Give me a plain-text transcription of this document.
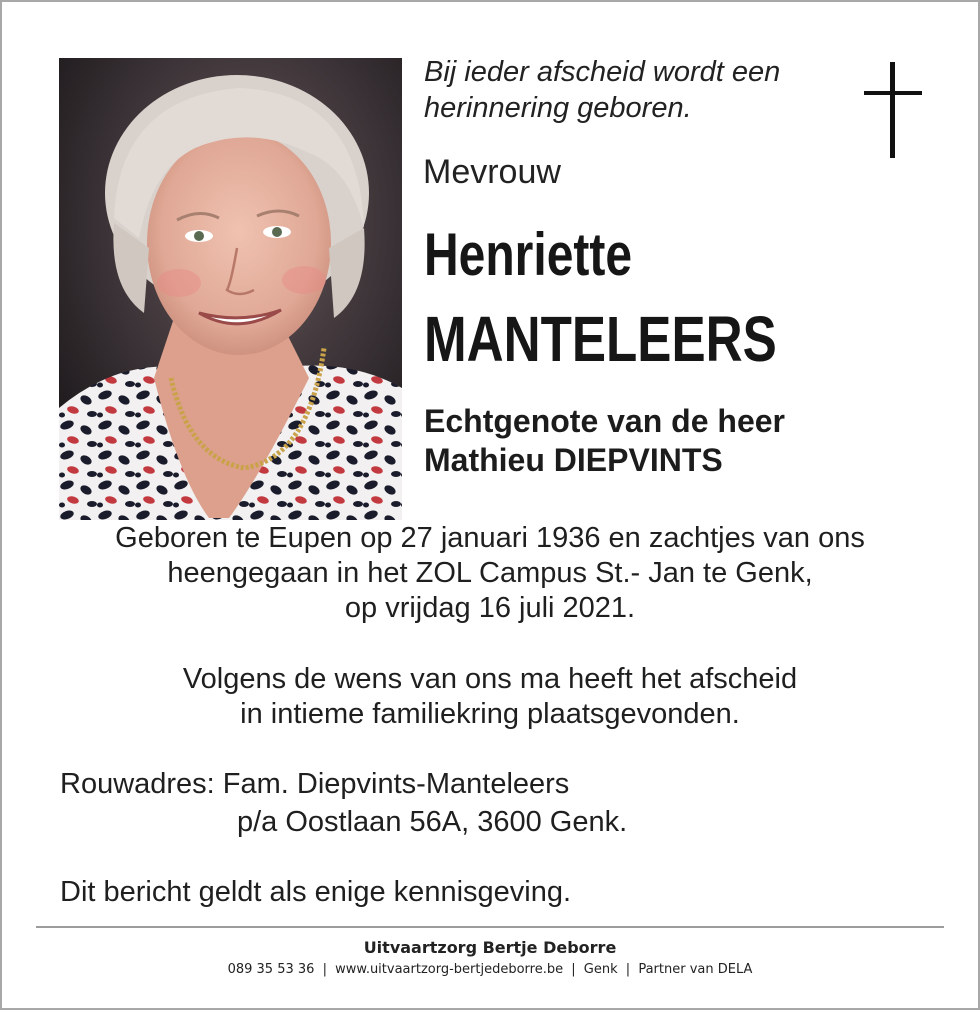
Bij ieder afscheid wordt een
herinnering geboren.
Mevrouw
Henriette
MANTELEERS
Echtgenote van de heer
Mathieu DIEPVINTS
Geboren te Eupen op 27 januari 1936 en zachtjes van ons
heengegaan in het ZOL Campus St.- Jan te Genk,
op vrijdag 16 juli 2021.
Volgens de wens van ons ma heeft het afscheid
in intieme familiekring plaatsgevonden.
Rouwadres: Fam. Diepvints-Manteleers
p/a Oostlaan 56A, 3600 Genk.
Dit bericht geldt als enige kennisgeving.
Uitvaartzorg Bertje Deborre
089 35 53 36 | www.uitvaartzorg-bertjedeborre.be | Genk | Partner van DELA
